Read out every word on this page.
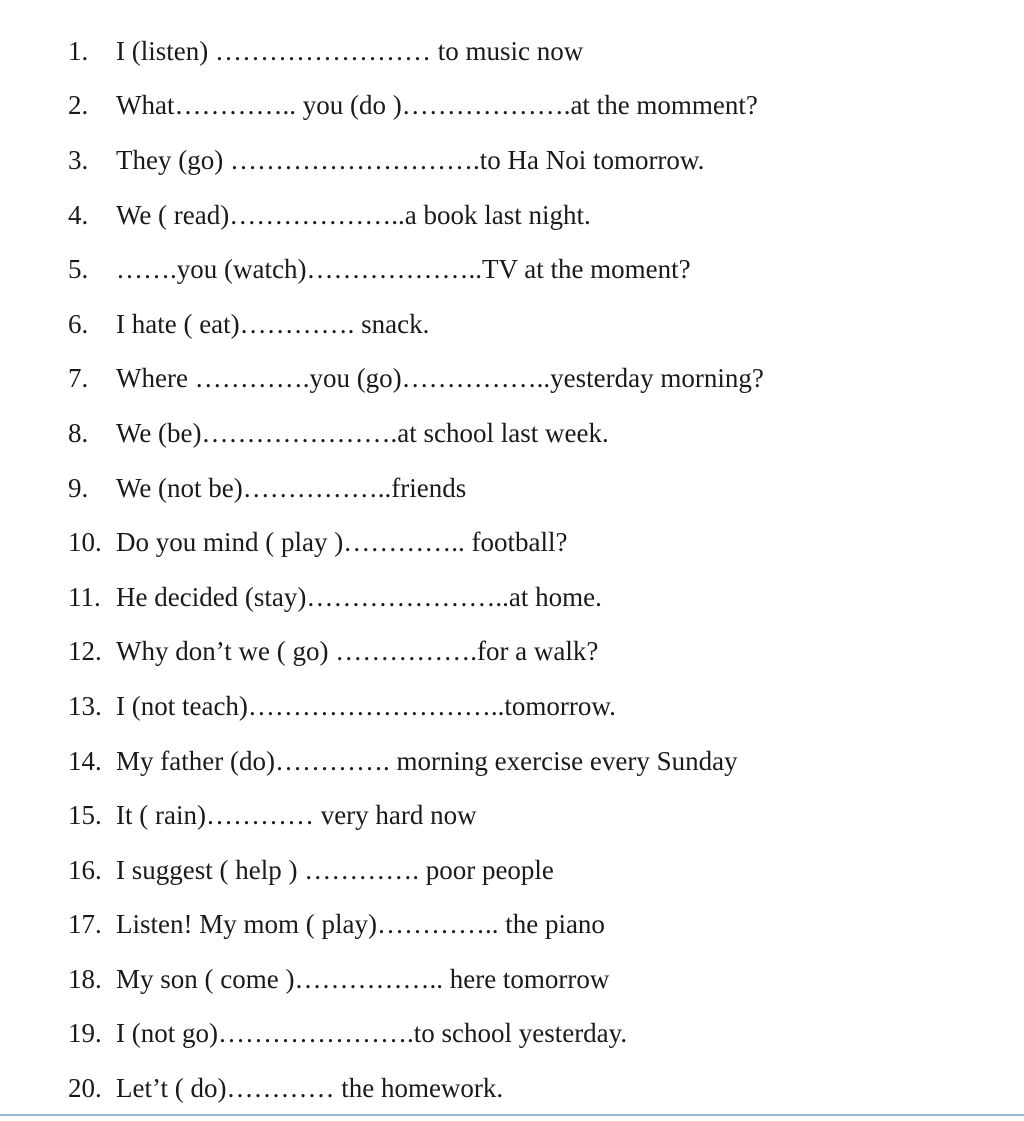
1.	I (listen) …………………… to music now
2.	What………….. you (do )……………….at the momment?
3.	They (go) ……………………….to Ha Noi tomorrow.
4.	We ( read)………………..a book last night.
5.	…….you (watch)………………..TV at the moment?
6.	I hate ( eat)…………. snack.
7.	Where ………….you (go)……………..yesterday morning?
8.	We (be)………………….at school last week.
9.	We (not be)……………..friends
10. Do you mind ( play )………….. football?
11. He decided (stay)…………………..at home.
12. Why don’t we ( go) …………….for a walk?
13. I (not teach)………………………..tomorrow.
14. My father (do)…………. morning exercise every Sunday
15. It ( rain)………… very hard now
16. I suggest ( help ) …………. poor people
17. Listen! My mom ( play)………….. the piano
18. My son ( come )…………….. here tomorrow
19. I (not go)………………….to school yesterday.
20. Let’t ( do)………… the homework.
